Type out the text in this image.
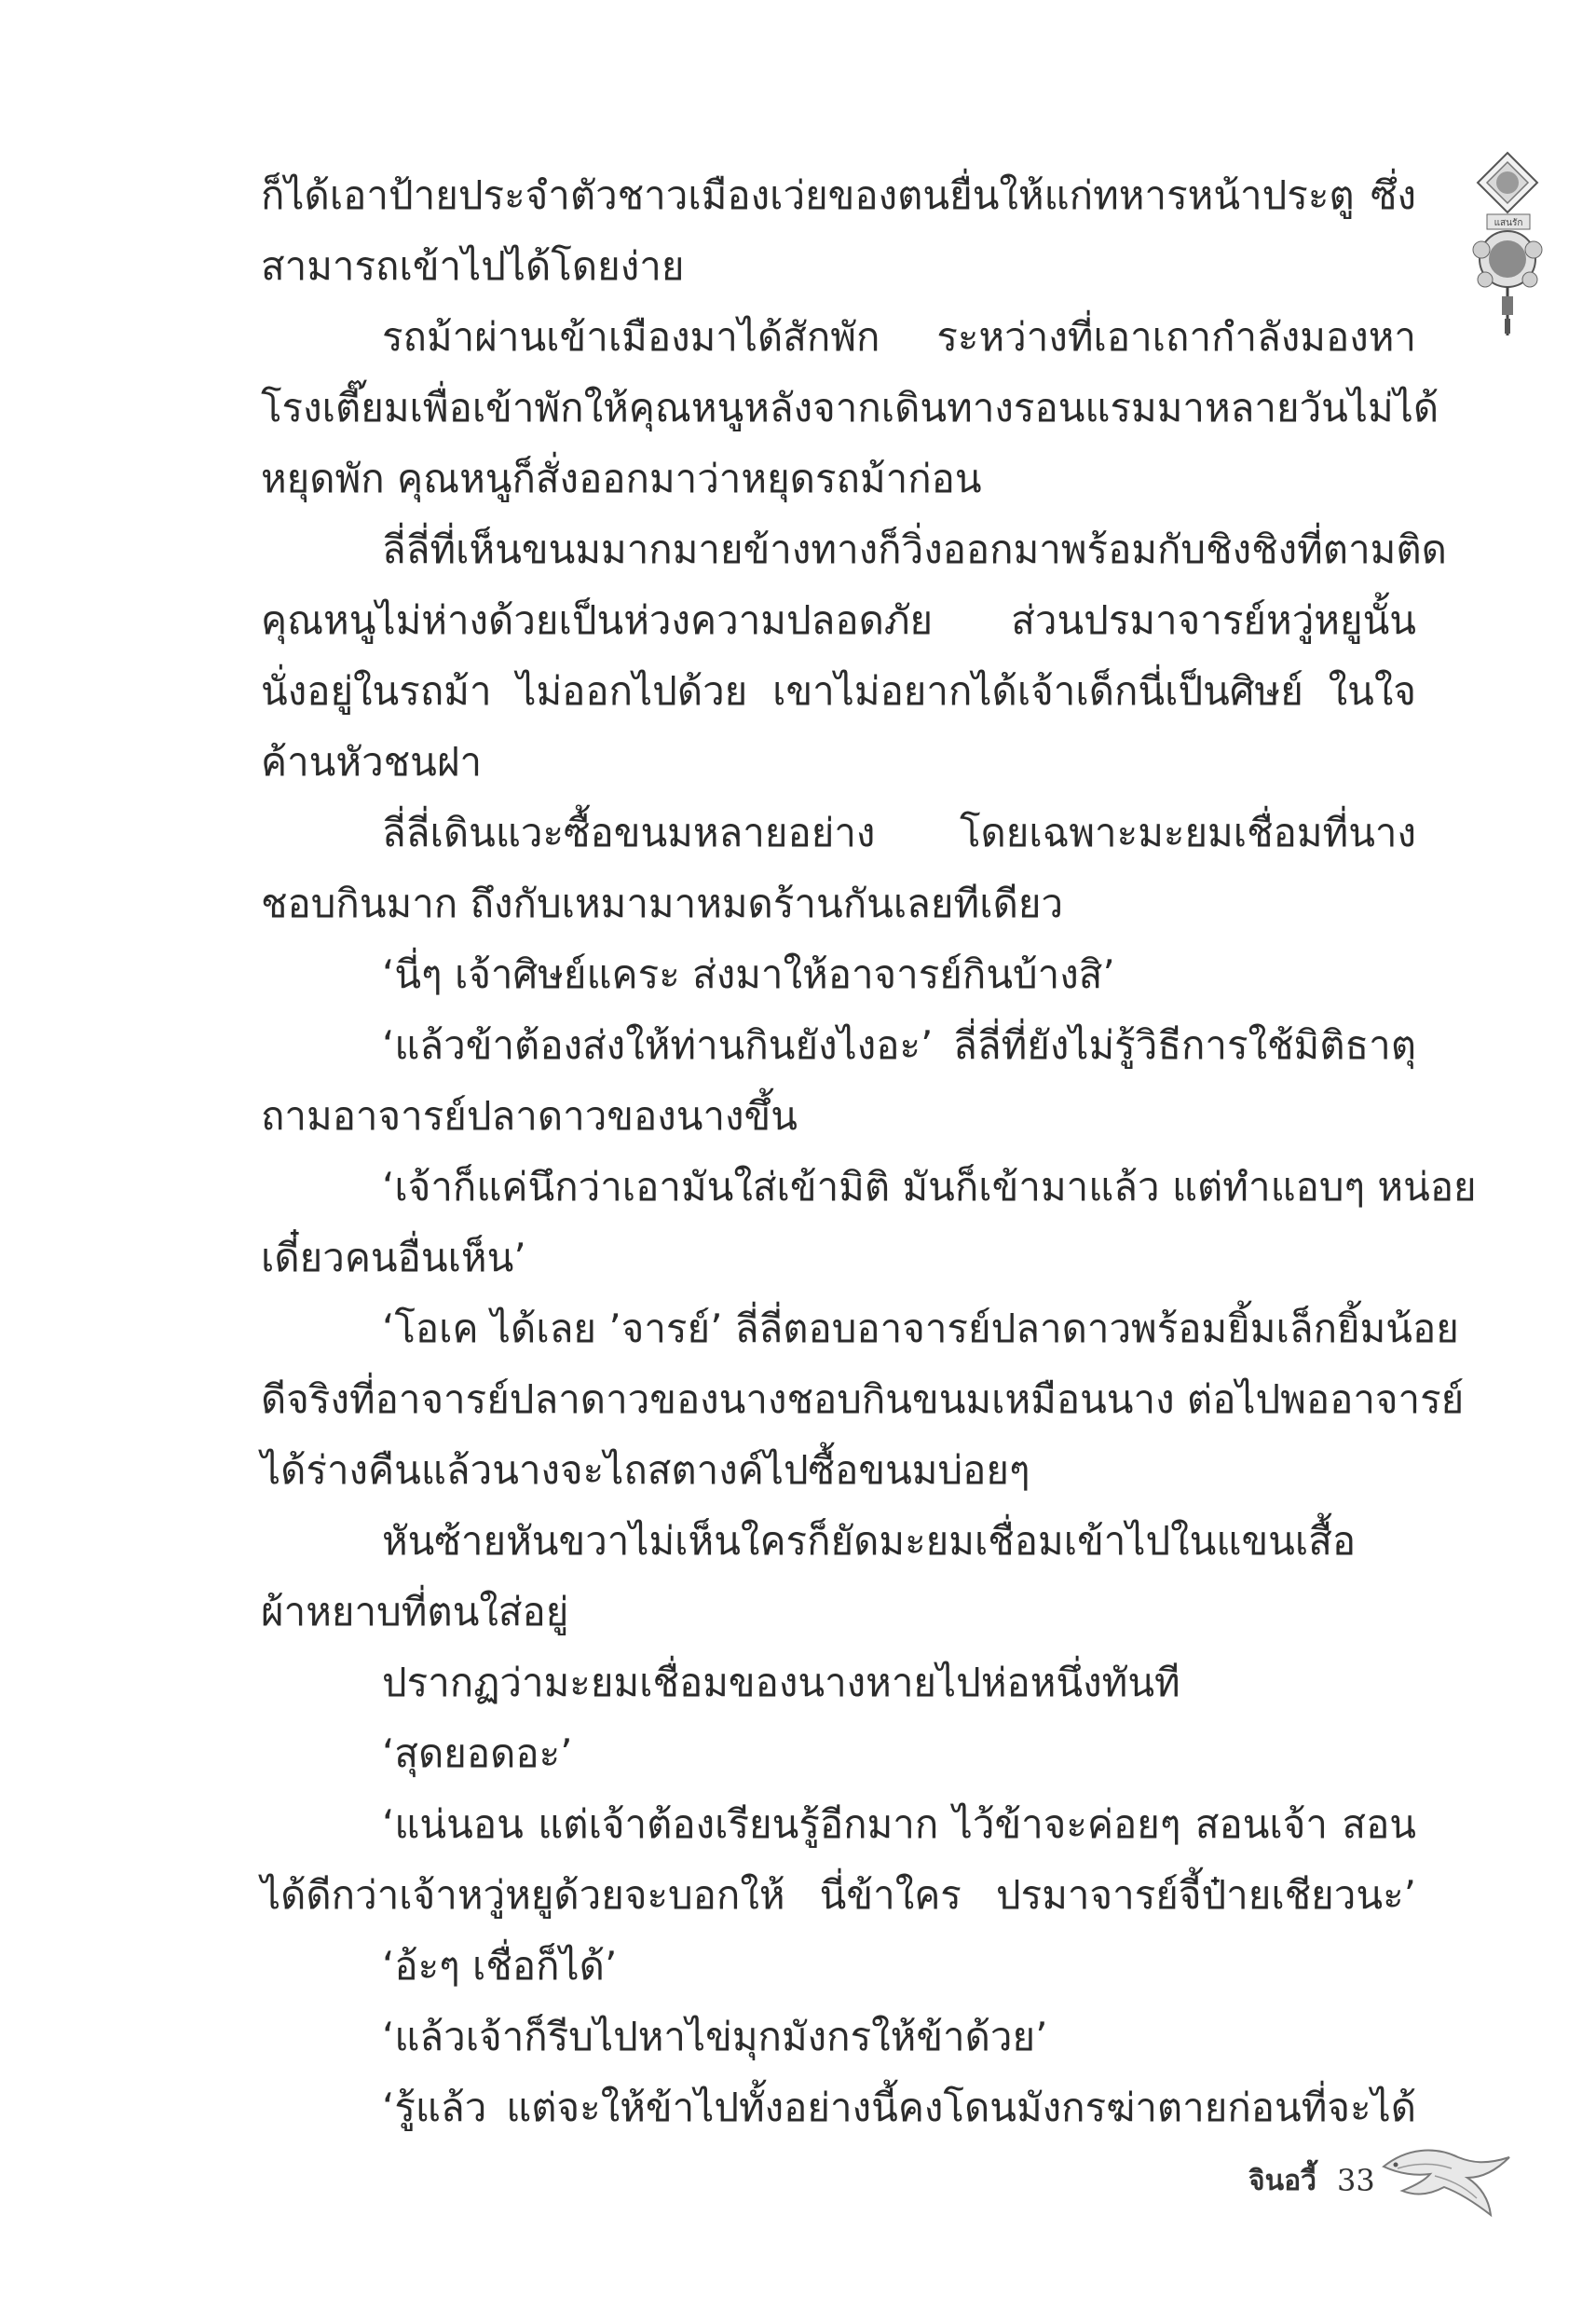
แสนรัก
ก็ได้เอาป้ายประจำตัวชาวเมืองเว่ยของตนยื่นให้แก่ทหารหน้าประตู ซึ่ง
สามารถเข้าไปได้โดยง่าย
รถม้าผ่านเข้าเมืองมาได้สักพัก ระหว่างที่เอาเถากำลังมองหา
โรงเตี๊ยมเพื่อเข้าพักให้คุณหนูหลังจากเดินทางรอนแรมมาหลายวันไม่ได้
หยุดพัก คุณหนูก็สั่งออกมาว่าหยุดรถม้าก่อน
ลี่ลี่ที่เห็นขนมมากมายข้างทางก็วิ่งออกมาพร้อมกับชิงชิงที่ตามติด
คุณหนูไม่ห่างด้วยเป็นห่วงความปลอดภัย ส่วนปรมาจารย์หวู่หยูนั้น
นั่งอยู่ในรถม้า ไม่ออกไปด้วย เขาไม่อยากได้เจ้าเด็กนี่เป็นศิษย์ ในใจ
ค้านหัวชนฝา
ลี่ลี่เดินแวะซื้อขนมหลายอย่าง โดยเฉพาะมะยมเชื่อมที่นาง
ชอบกินมาก ถึงกับเหมามาหมดร้านกันเลยทีเดียว
‘นี่ๆ เจ้าศิษย์แคระ ส่งมาให้อาจารย์กินบ้างสิ’
‘แล้วข้าต้องส่งให้ท่านกินยังไงอะ’ ลี่ลี่ที่ยังไม่รู้วิธีการใช้มิติธาตุ
ถามอาจารย์ปลาดาวของนางขึ้น
‘เจ้าก็แค่นึกว่าเอามันใส่เข้ามิติ มันก็เข้ามาแล้ว แต่ทำแอบๆ หน่อย
เดี๋ยวคนอื่นเห็น’
‘โอเค ได้เลย ’จารย์’ ลี่ลี่ตอบอาจารย์ปลาดาวพร้อมยิ้มเล็กยิ้มน้อย
ดีจริงที่อาจารย์ปลาดาวของนางชอบกินขนมเหมือนนาง ต่อไปพออาจารย์
ได้ร่างคืนแล้วนางจะไถสตางค์ไปซื้อขนมบ่อยๆ
หันซ้ายหันขวาไม่เห็นใครก็ยัดมะยมเชื่อมเข้าไปในแขนเสื้อ
ผ้าหยาบที่ตนใส่อยู่
ปรากฏว่ามะยมเชื่อมของนางหายไปห่อหนึ่งทันที
‘สุดยอดอะ’
‘แน่นอน แต่เจ้าต้องเรียนรู้อีกมาก ไว้ข้าจะค่อยๆ สอนเจ้า สอน
ได้ดีกว่าเจ้าหวู่หยูด้วยจะบอกให้ นี่ข้าใคร ปรมาจารย์จี้ป๋ายเชียวนะ’
‘อ้ะๆ เชื่อก็ได้’
‘แล้วเจ้าก็รีบไปหาไข่มุกมังกรให้ข้าด้วย’
‘รู้แล้ว แต่จะให้ข้าไปทั้งอย่างนี้คงโดนมังกรฆ่าตายก่อนที่จะได้
จินอวี้ 33
